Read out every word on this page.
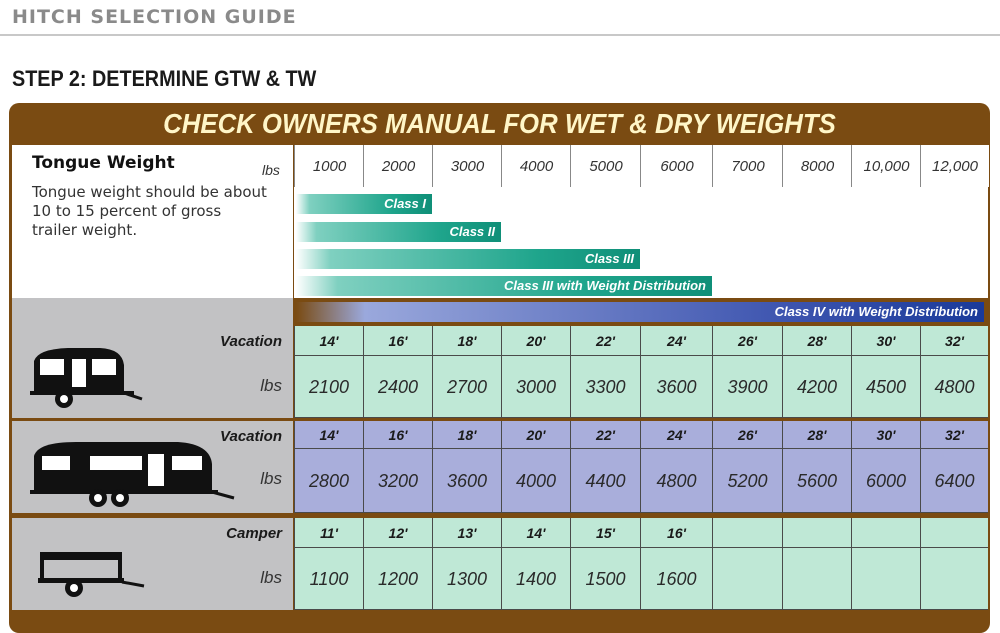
HITCH SELECTION GUIDE
STEP 2: DETERMINE GTW & TW
CHECK OWNERS MANUAL FOR WET & DRY WEIGHTS
Tongue Weight
Tongue weight should be about 10 to 15 percent of gross trailer weight.
lbs	1000	2000	3000	4000	5000	6000	7000	8000	10,000	12,000
Class I
Class II
Class III
Class III with Weight Distribution
Class IV with Weight Distribution
Vacation
lbs
14'	16'	18'	20'	22'	24'	26'	28'	30'	32'
2100	2400	2700	3000	3300	3600	3900	4200	4500	4800
Vacation
lbs
14'	16'	18'	20'	22'	24'	26'	28'	30'	32'
2800	3200	3600	4000	4400	4800	5200	5600	6000	6400
Camper
lbs
11'	12'	13'	14'	15'	16'
1100	1200	1300	1400	1500	1600
